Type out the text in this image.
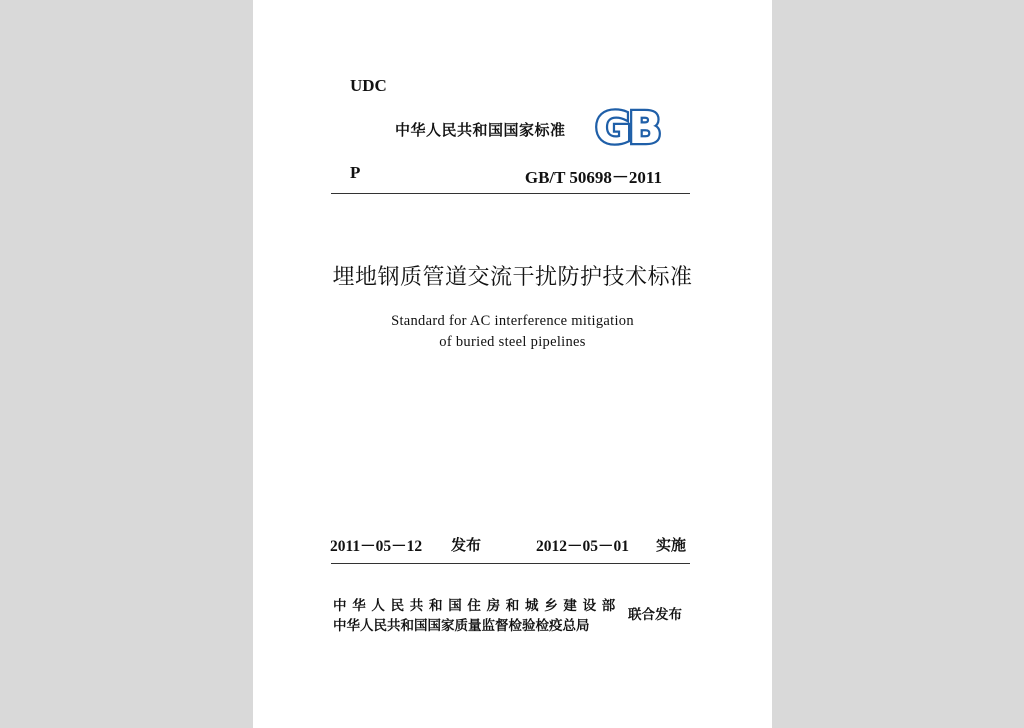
UDC
中华人民共和国国家标准 GB
P	GB/T 50698－2011
埋地钢质管道交流干扰防护技术标准
Standard for AC interference mitigation
of buried steel pipelines
2011－05－12 发布	2012－05－01 实施
中 华 人 民 共 和 国 住 房 和 城 乡 建 设 部
中华人民共和国国家质量监督检验检疫总局
联合发布
